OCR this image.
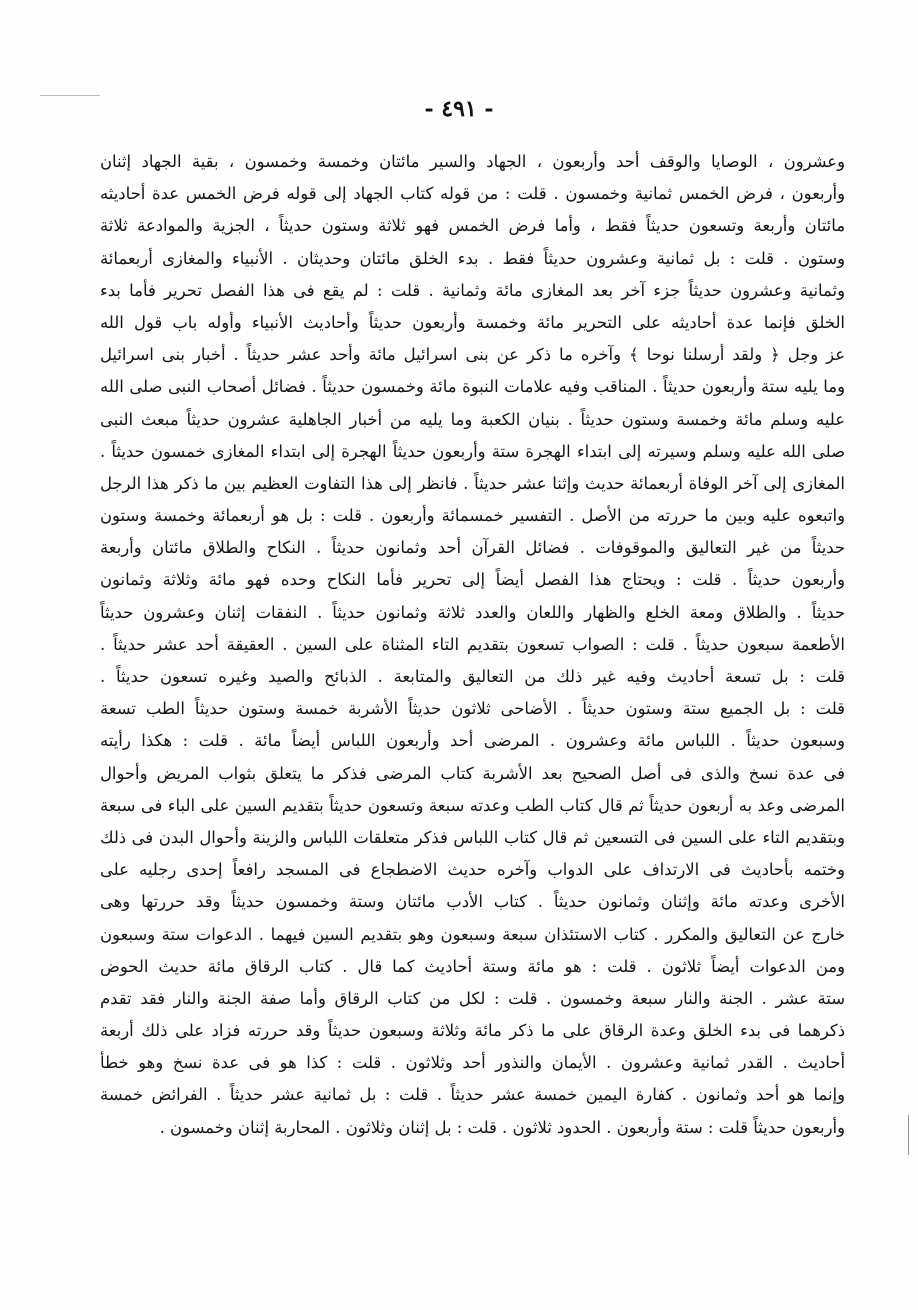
- ٤٩١ -
وعشرون ، الوصايا والوقف أحد وأربعون ، الجهاد والسير مائتان وخمسة وخمسون ، بقية الجهاد إثنان
وأربعون ، فرض الخمس ثمانية وخمسون . قلت : من قوله كتاب الجهاد إلى قوله فرض الخمس عدة أحاديثه
مائتان وأربعة وتسعون حديثاً فقط ، وأما فرض الخمس فهو ثلاثة وستون حديثاً ، الجزية والموادعة ثلاثة
وستون . قلت : بل ثمانية وعشرون حديثاً فقط . بدء الخلق مائتان وحديثان . الأنبياء والمغازى أربعمائة
وثمانية وعشرون حديثاً جزء آخر بعد المغازى مائة وثمانية . قلت : لم يقع فى هذا الفصل تحرير فأما بدء
الخلق فإنما عدة أحاديثه على التحرير مائة وخمسة وأربعون حديثاً وأحاديث الأنبياء وأوله باب قول الله
عز وجل ﴿ ولقد أرسلنا نوحا ﴾ وآخره ما ذكر عن بنى اسرائيل مائة وأحد عشر حديثاً . أخبار بنى اسرائيل
وما يليه ستة وأربعون حديثاً . المناقب وفيه علامات النبوة مائة وخمسون حديثاً . فضائل أصحاب النبى صلى الله
عليه وسلم مائة وخمسة وستون حديثاً . بنيان الكعبة وما يليه من أخبار الجاهلية عشرون حديثاً مبعث النبى
صلى الله عليه وسلم وسيرته إلى ابتداء الهجرة ستة وأربعون حديثاً الهجرة إلى ابتداء المغازى خمسون حديثاً .
المغازى إلى آخر الوفاة أربعمائة حديث وإثنا عشر حديثاً . فانظر إلى هذا التفاوت العظيم بين ما ذكر هذا الرجل
واتبعوه عليه وبين ما حررته من الأصل . التفسير خمسمائة وأربعون . قلت : بل هو أربعمائة وخمسة وستون
حديثاً من غير التعاليق والموقوفات . فضائل القرآن أحد وثمانون حديثاً . النكاح والطلاق مائتان وأربعة
وأربعون حديثاً . قلت : ويحتاج هذا الفصل أيضاً إلى تحرير فأما النكاح وحده فهو مائة وثلاثة وثمانون
حديثاً . والطلاق ومعة الخلع والظهار واللعان والعدد ثلاثة وثمانون حديثاً . النفقات إثنان وعشرون حديثاً
الأطعمة سبعون حديثاً . قلت : الصواب تسعون بتقديم التاء المثناة على السين . العقيقة أحد عشر حديثاً .
قلت : بل تسعة أحاديث وفيه غير ذلك من التعاليق والمتابعة . الذبائح والصيد وغيره تسعون حديثاً .
قلت : بل الجميع ستة وستون حديثاً . الأضاحى ثلاثون حديثاً الأشربة خمسة وستون حديثاً الطب تسعة
وسبعون حديثاً . اللباس مائة وعشرون . المرضى أحد وأربعون اللباس أيضاً مائة . قلت : هكذا رأيته
فى عدة نسخ والذى فى أصل الصحيح بعد الأشربة كتاب المرضى فذكر ما يتعلق بثواب المريض وأحوال
المرضى وعد به أربعون حديثاً ثم قال كتاب الطب وعدته سبعة وتسعون حديثاً بتقديم السين على الباء فى سبعة
وبتقديم التاء على السين فى التسعين ثم قال كتاب اللباس فذكر متعلقات اللباس والزينة وأحوال البدن فى ذلك
وختمه بأحاديث فى الارتداف على الدواب وآخره حديث الاضطجاع فى المسجد رافعاً إحدى رجليه على
الأخرى وعدته مائة وإثنان وثمانون حديثاً . كتاب الأدب مائتان وستة وخمسون حديثاً وقد حررتها وهى
خارج عن التعاليق والمكرر . كتاب الاستئذان سبعة وسبعون وهو بتقديم السين فيهما . الدعوات ستة وسبعون
ومن الدعوات أيضاً ثلاثون . قلت : هو مائة وستة أحاديث كما قال . كتاب الرقاق مائة حديث الحوض
ستة عشر . الجنة والنار سبعة وخمسون . قلت : لكل من كتاب الرقاق وأما صفة الجنة والنار فقد تقدم
ذكرهما فى بدء الخلق وعدة الرقاق على ما ذكر مائة وثلاثة وسبعون حديثاً وقد حررته فزاد على ذلك أربعة
أحاديث . القدر ثمانية وعشرون . الأيمان والنذور أحد وثلاثون . قلت : كذا هو فى عدة نسخ وهو خطأ
وإنما هو أحد وثمانون . كفارة اليمين خمسة عشر حديثاً . قلت : بل ثمانية عشر حديثاً . الفرائض خمسة
وأربعون حديثاً قلت : ستة وأربعون . الحدود ثلاثون . قلت : بل إثنان وثلاثون . المحاربة إثنان وخمسون .
